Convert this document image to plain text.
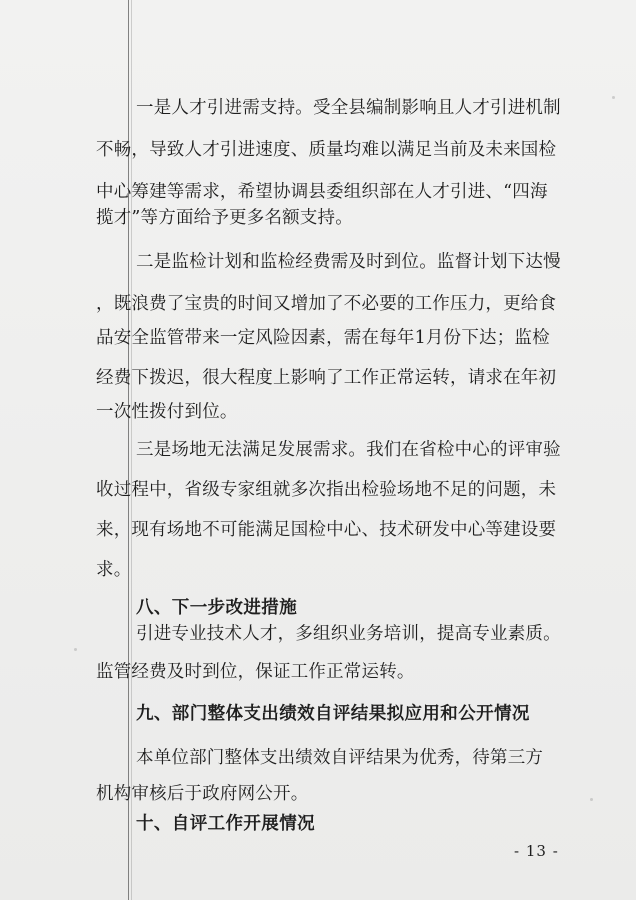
一是人才引进需支持。受全县编制影响且人才引进机制
不畅，导致人才引进速度、质量均难以满足当前及未来国检
中心筹建等需求，希望协调县委组织部在人才引进、“四海
揽才”等方面给予更多名额支持。
二是监检计划和监检经费需及时到位。监督计划下达慢
，既浪费了宝贵的时间又增加了不必要的工作压力，更给食
品安全监管带来一定风险因素，需在每年1月份下达；监检
经费下拨迟，很大程度上影响了工作正常运转，请求在年初
一次性拨付到位。
三是场地无法满足发展需求。我们在省检中心的评审验
收过程中，省级专家组就多次指出检验场地不足的问题，未
来，现有场地不可能满足国检中心、技术研发中心等建设要
求。
八、下一步改进措施
引进专业技术人才，多组织业务培训，提高专业素质。
监管经费及时到位，保证工作正常运转。
九、部门整体支出绩效自评结果拟应用和公开情况
本单位部门整体支出绩效自评结果为优秀，待第三方
机构审核后于政府网公开。
十、自评工作开展情况
- 13 -
